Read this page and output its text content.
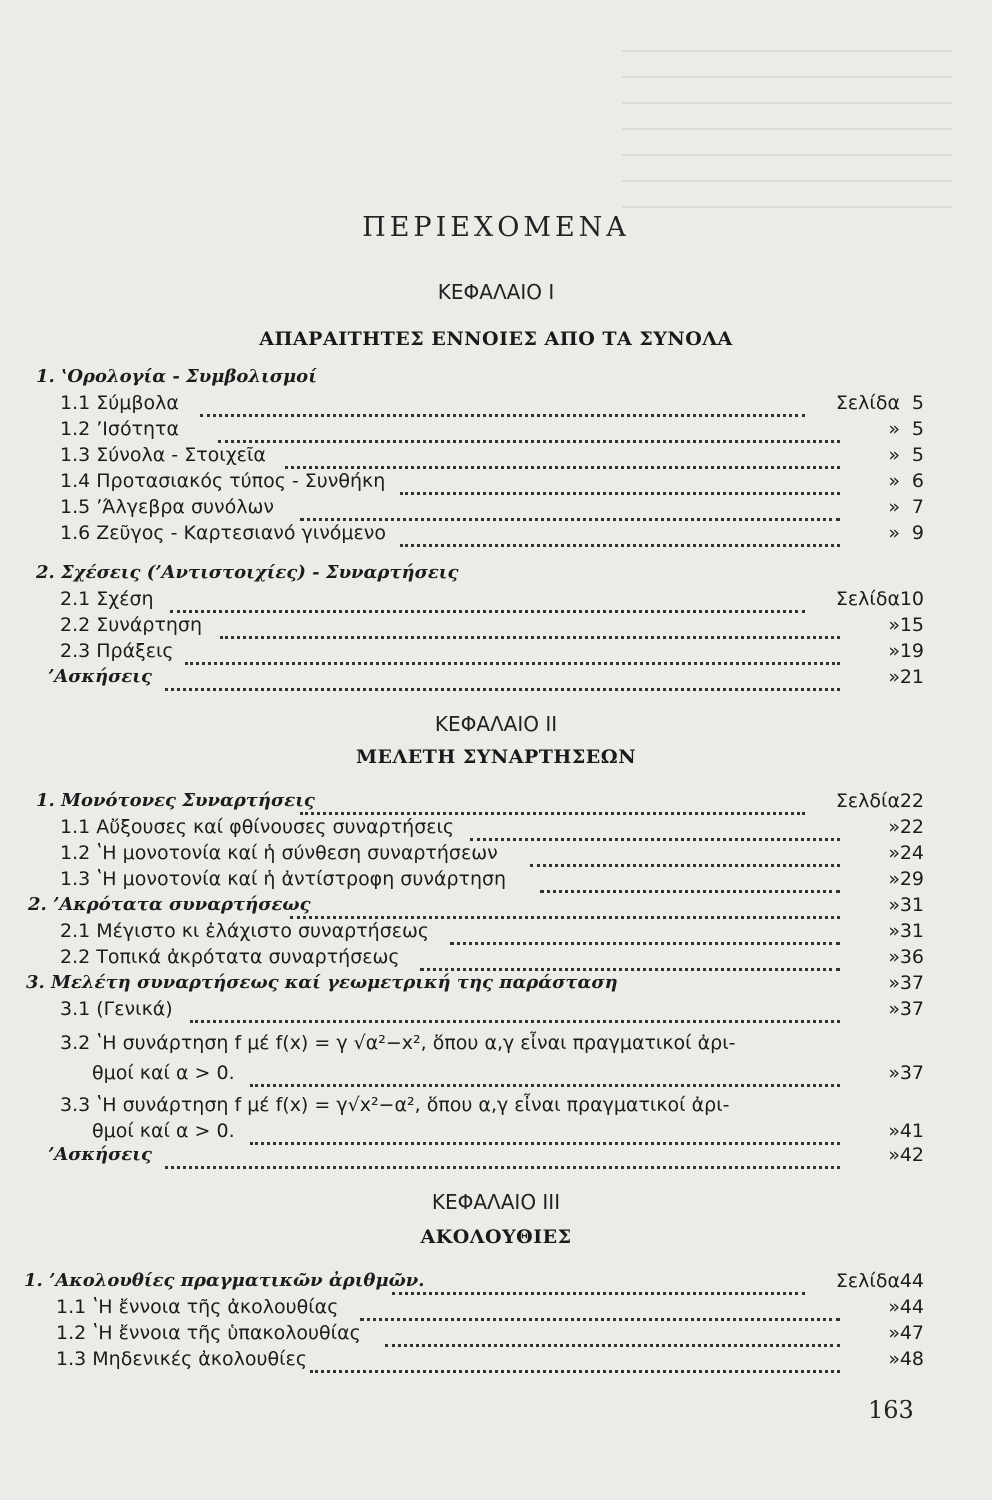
ΠΕΡΙΕΧΟΜΕΝΑ
ΚΕΦΑΛΑΙΟ I
ΑΠΑΡΑΙΤΗΤΕΣ ΕΝΝΟΙΕΣ ΑΠΟ ΤΑ ΣΥΝΟΛΑ
1. ʽΟρολογία - Συμβολισμοί
1.1 Σύμβολα	Σελίδα 5
1.2 ʼΙσότητα	» 5
1.3 Σύνολα - Στοιχεῖα	» 5
1.4 Προτασιακός τύπος - Συνθήκη	» 6
1.5 ʼΆλγεβρα συνόλων	» 7
1.6 Ζεῦγος - Καρτεσιανό γινόμενο	» 9
2. Σχέσεις (ʼΑντιστοιχίες) - Συναρτήσεις
2.1 Σχέση	Σελίδα 10
2.2 Συνάρτηση	» 15
2.3 Πράξεις	» 19
ʼΑσκήσεις	» 21
ΚΕΦΑΛΑΙΟ II
ΜΕΛΕΤΗ ΣΥΝΑΡΤΗΣΕΩΝ
1. Μονότονες Συναρτήσεις	Σελδία 22
1.1 Αὔξουσες καί φθίνουσες συναρτήσεις	» 22
1.2 ʽΗ μονοτονία καί ἡ σύνθεση συναρτήσεων	» 24
1.3 ʽΗ μονοτονία καί ἡ ἀντίστροφη συνάρτηση	» 29
2. ʼΑκρότατα συναρτήσεως	» 31
2.1 Μέγιστο κι ἐλάχιστο συναρτήσεως	» 31
2.2 Τοπικά ἀκρότατα συναρτήσεως	» 36
3. Μελέτη συναρτήσεως καί γεωμετρική της παράσταση	» 37
3.1 (Γενικά)	» 37
3.2 ʽΗ συνάρτηση f μέ f(x) = γ √α²−x², ὅπου α,γ εἶναι πραγματικοί ἀρι-
θμοί καί α > 0.	» 37
3.3 ʽΗ συνάρτηση f μέ f(x) = γ√x²−α², ὅπου α,γ εἶναι πραγματικοί ἀρι-
θμοί καί α > 0.	» 41
ʼΑσκήσεις	» 42
ΚΕΦΑΛΑΙΟ III
ΑΚΟΛΟΥΘΙΕΣ
1. ʼΑκολουθίες πραγματικῶν ἀριθμῶν.	Σελίδα 44
1.1 ʽΗ ἔννοια τῆς ἀκολουθίας	» 44
1.2 ʽΗ ἔννοια τῆς ὑπακολουθίας	» 47
1.3 Μηδενικές ἀκολουθίες	» 48
163
